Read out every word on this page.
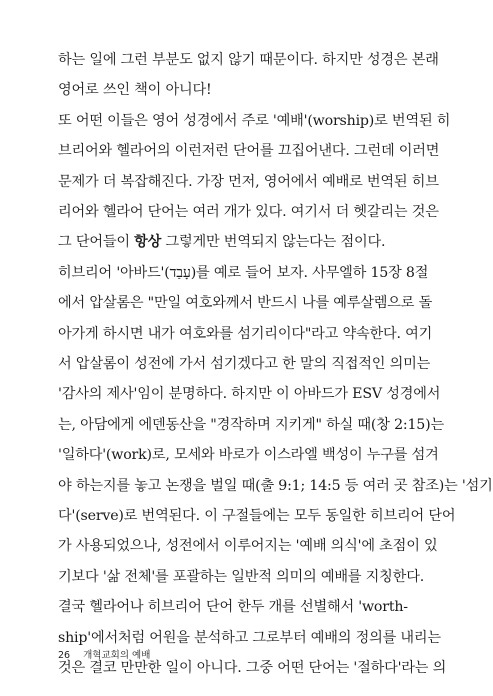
하는 일에 그런 부분도 없지 않기 때문이다. 하지만 성경은 본래
영어로 쓰인 책이 아니다!
또 어떤 이들은 영어 성경에서 주로 '예배'(worship)로 번역된 히
브리어와 헬라어의 이런저런 단어를 끄집어낸다. 그런데 이러면
문제가 더 복잡해진다. 가장 먼저, 영어에서 예배로 번역된 히브
리어와 헬라어 단어는 여러 개가 있다. 여기서 더 헷갈리는 것은
그 단어들이 항상 그렇게만 번역되지 않는다는 점이다.
히브리어 '아바드'(עָבַד)를 예로 들어 보자. 사무엘하 15장 8절
에서 압살롬은 "만일 여호와께서 반드시 나를 예루살렘으로 돌
아가게 하시면 내가 여호와를 섬기리이다"라고 약속한다. 여기
서 압살롬이 성전에 가서 섬기겠다고 한 말의 직접적인 의미는
'감사의 제사'임이 분명하다. 하지만 이 아바드가 ESV 성경에서
는, 아담에게 에덴동산을 "경작하며 지키게" 하실 때(창 2:15)는
'일하다'(work)로, 모세와 바로가 이스라엘 백성이 누구를 섬겨
야 하는지를 놓고 논쟁을 벌일 때(출 9:1; 14:5 등 여러 곳 참조)는 '섬기
다'(serve)로 번역된다. 이 구절들에는 모두 동일한 히브리어 단어
가 사용되었으나, 성전에서 이루어지는 '예배 의식'에 초점이 있
기보다 '삶 전체'를 포괄하는 일반적 의미의 예배를 지칭한다.
결국 헬라어나 히브리어 단어 한두 개를 선별해서 'worth-
ship'에서처럼 어원을 분석하고 그로부터 예배의 정의를 내리는
것은 결코 만만한 일이 아니다. 그중 어떤 단어는 '절하다'라는 의
26 개혁교회의 예배
